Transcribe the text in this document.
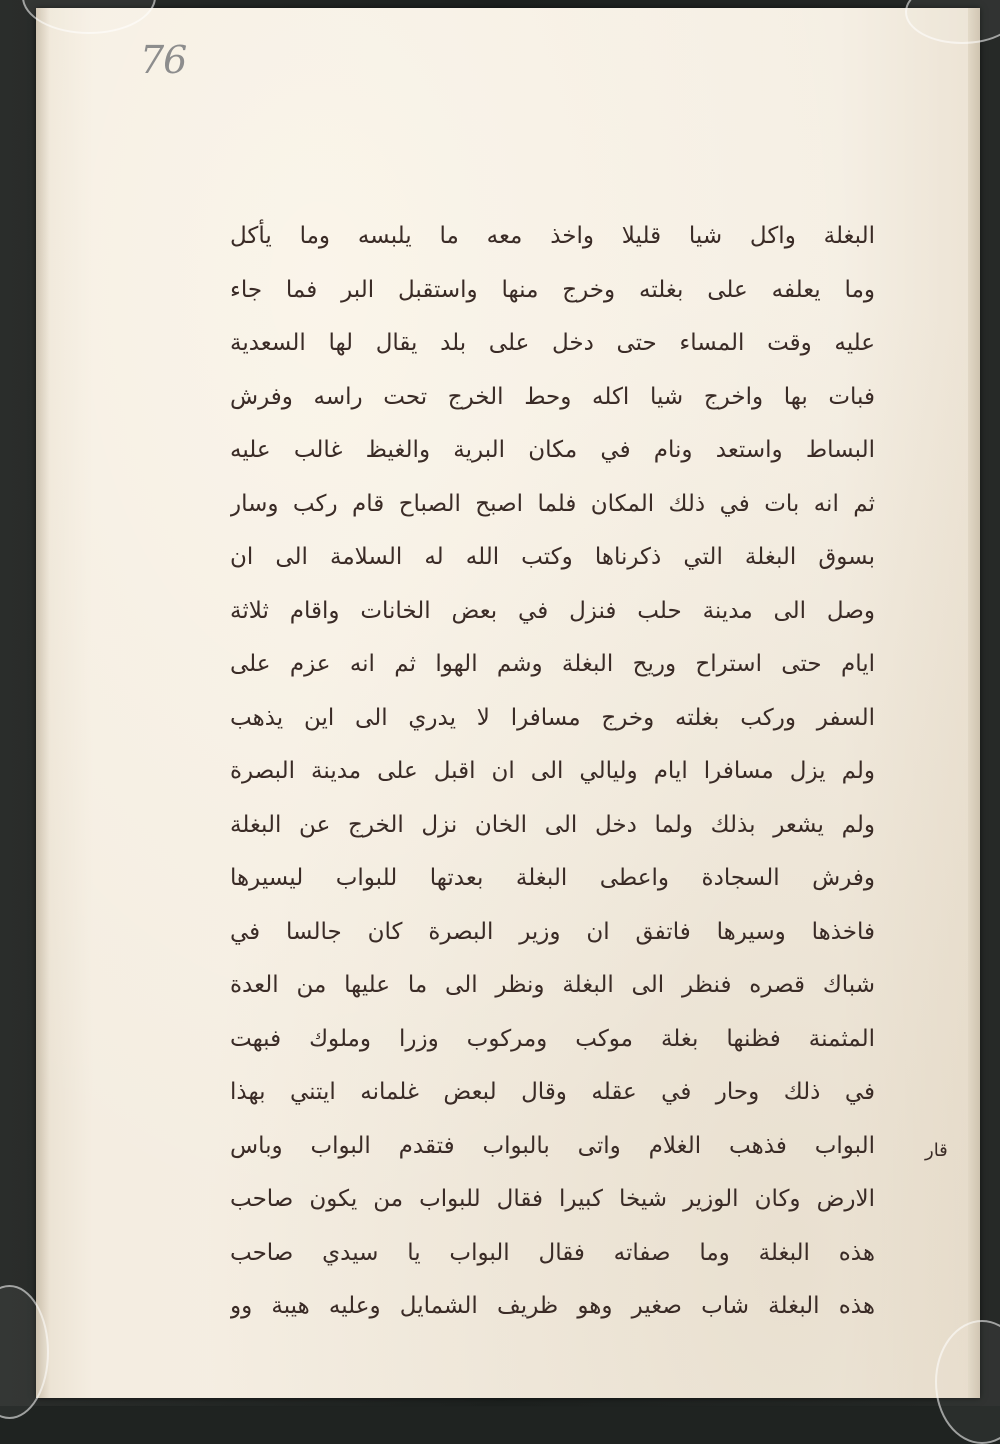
76
البغلة واكل شيا قليلا واخذ معه ما يلبسه وما يأكل
وما يعلفه على بغلته وخرج منها واستقبل البر فما جاء
عليه وقت المساء حتى دخل على بلد يقال لها السعدية
فبات بها واخرج شيا اكله وحط الخرج تحت راسه وفرش
البساط واستعد ونام في مكان البرية والغيظ غالب عليه
ثم انه بات في ذلك المكان فلما اصبح الصباح قام ركب وسار
بسوق البغلة التي ذكرناها وكتب الله له السلامة الى ان
وصل الى مدينة حلب فنزل في بعض الخانات واقام ثلاثة
ايام حتى استراح وريح البغلة وشم الهوا ثم انه عزم على
السفر وركب بغلته وخرج مسافرا لا يدري الى اين يذهب
ولم يزل مسافرا ايام وليالي الى ان اقبل على مدينة البصرة
ولم يشعر بذلك ولما دخل الى الخان نزل الخرج عن البغلة
وفرش السجادة واعطى البغلة بعدتها للبواب ليسيرها
فاخذها وسيرها فاتفق ان وزير البصرة كان جالسا في
شباك قصره فنظر الى البغلة ونظر الى ما عليها من العدة
المثمنة فظنها بغلة موكب ومركوب وزرا وملوك فبهت
في ذلك وحار في عقله وقال لبعض غلمانه ايتني بهذا
البواب فذهب الغلام واتى بالبواب فتقدم البواب وباس
الارض وكان الوزير شيخا كبيرا فقال للبواب من يكون صاحب
هذه البغلة وما صفاته فقال البواب يا سيدي صاحب
هذه البغلة شاب صغير وهو ظريف الشمايل وعليه هيبة وو
قار
